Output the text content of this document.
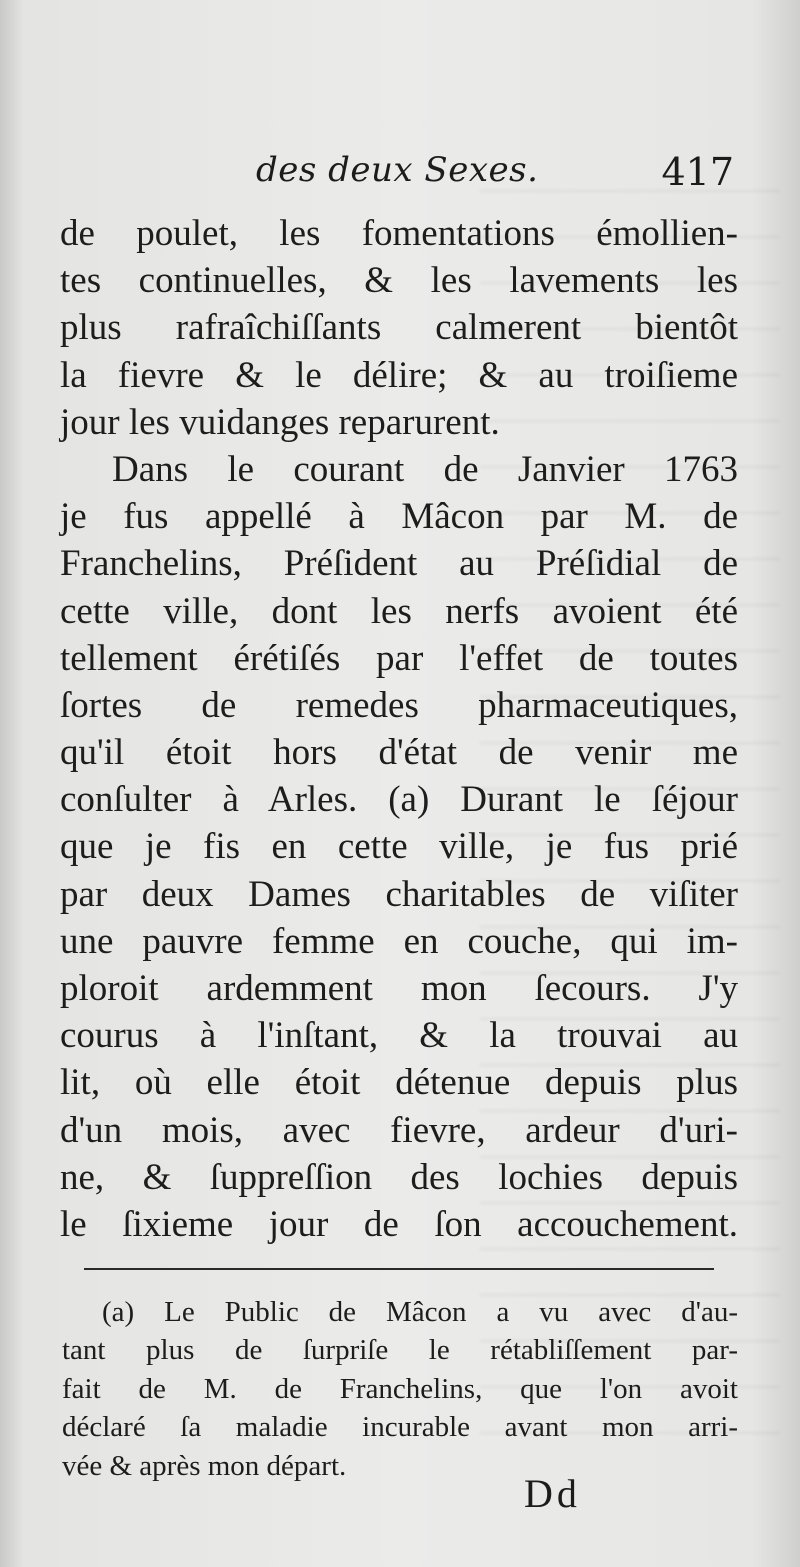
des deux Sexes.	417
de poulet, les fomentations émollien-
tes continuelles, & les lavements les
plus rafraîchiſſants calmerent bientôt
la fievre & le délire; & au troiſieme
jour les vuidanges reparurent.
Dans le courant de Janvier 1763
je fus appellé à Mâcon par M. de
Franchelins, Préſident au Préſidial de
cette ville, dont les nerfs avoient été
tellement érétiſés par l'effet de toutes
ſortes de remedes pharmaceutiques,
qu'il étoit hors d'état de venir me
conſulter à Arles. (a) Durant le ſéjour
que je fis en cette ville, je fus prié
par deux Dames charitables de viſiter
une pauvre femme en couche, qui im-
ploroit ardemment mon ſecours. J'y
courus à l'inſtant, & la trouvai au
lit, où elle étoit détenue depuis plus
d'un mois, avec fievre, ardeur d'uri-
ne, & ſuppreſſion des lochies depuis
le ſixieme jour de ſon accouchement.
(a) Le Public de Mâcon a vu avec d'au-
tant plus de ſurpriſe le rétabliſſement par-
fait de M. de Franchelins, que l'on avoit
déclaré ſa maladie incurable avant mon arri-
vée & après mon départ.
Dd
